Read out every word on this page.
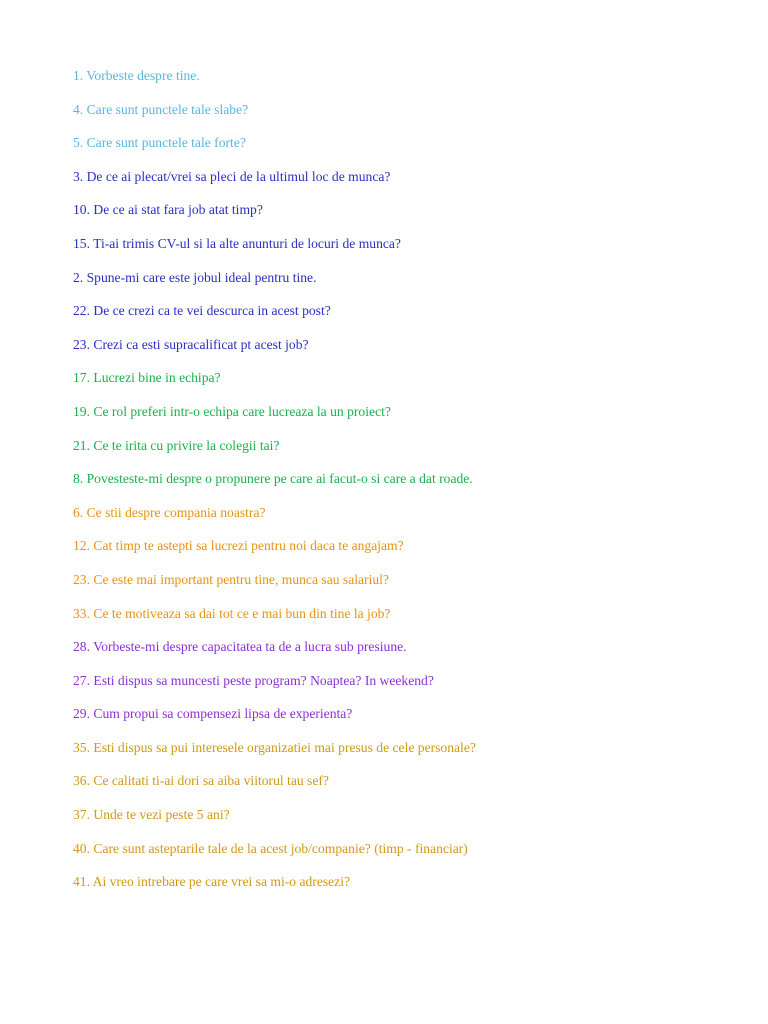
1. Vorbeste despre tine.
4. Care sunt punctele tale slabe?
5. Care sunt punctele tale forte?
3. De ce ai plecat/vrei sa pleci de la ultimul loc de munca?
10. De ce ai stat fara job atat timp?
15. Ti-ai trimis CV-ul si la alte anunturi de locuri de munca?
2. Spune-mi care este jobul ideal pentru tine.
22. De ce crezi ca te vei descurca in acest post?
23. Crezi ca esti supracalificat pt acest job?
17. Lucrezi bine in echipa?
19. Ce rol preferi intr-o echipa care lucreaza la un proiect?
21. Ce te irita cu privire la colegii tai?
8. Povesteste-mi despre o propunere pe care ai facut-o si care a dat roade.
6. Ce stii despre compania noastra?
12. Cat timp te astepti sa lucrezi pentru noi daca te angajam?
23. Ce este mai important pentru tine, munca sau salariul?
33. Ce te motiveaza sa dai tot ce e mai bun din tine la job?
28. Vorbeste-mi despre capacitatea ta de a lucra sub presiune.
27. Esti dispus sa muncesti peste program? Noaptea? In weekend?
29. Cum propui sa compensezi lipsa de experienta?
35. Esti dispus sa pui interesele organizatiei mai presus de cele personale?
36. Ce calitati ti-ai dori sa aiba viitorul tau sef?
37. Unde te vezi peste 5 ani?
40. Care sunt asteptarile tale de la acest job/companie? (timp - financiar)
41. Ai vreo intrebare pe care vrei sa mi-o adresezi?
